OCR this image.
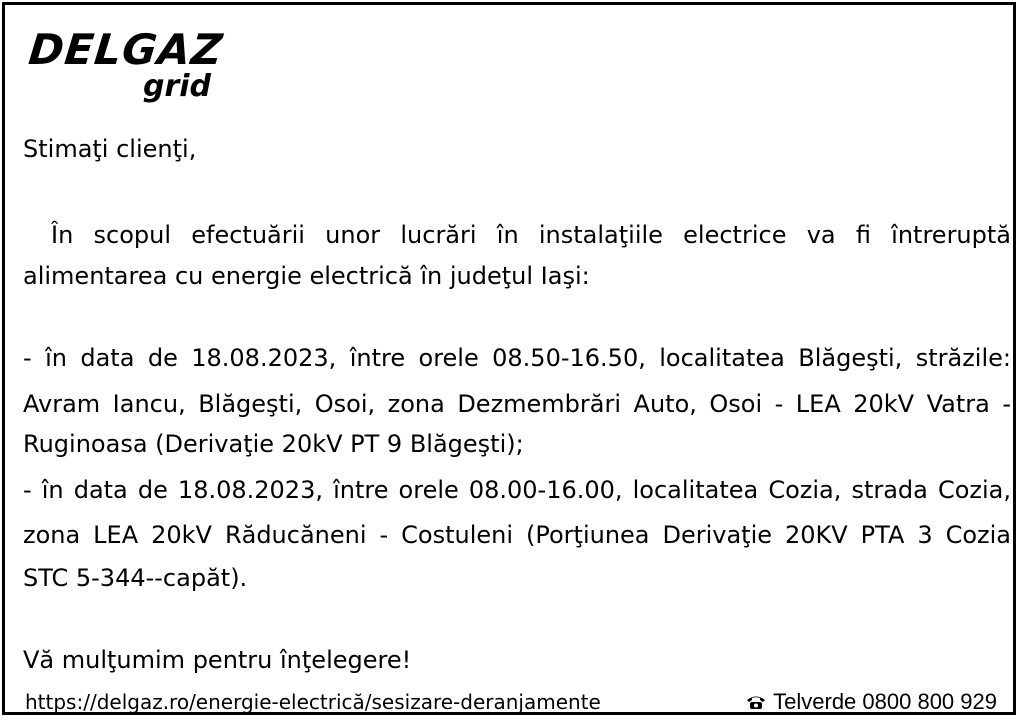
DELGAZ
grid
Stimaţi clienţi,
În scopul efectuării unor lucrări în instalaţiile electrice va fi întreruptă
alimentarea cu energie electrică în judeţul Iaşi:
- în data de 18.08.2023, între orele 08.50-16.50, localitatea Blăgeşti, străzile:
Avram Iancu, Blăgeşti, Osoi, zona Dezmembrări Auto, Osoi - LEA 20kV Vatra -
Ruginoasa (Derivaţie 20kV PT 9 Blăgeşti);
- în data de 18.08.2023, între orele 08.00-16.00, localitatea Cozia, strada Cozia,
zona LEA 20kV Răducăneni - Costuleni (Porţiunea Derivaţie 20KV PTA 3 Cozia
STC 5-344--capăt).
Vă mulţumim pentru înţelegere!
https://delgaz.ro/energie-electrică/sesizare-deranjamente	Telverde 0800 800 929
